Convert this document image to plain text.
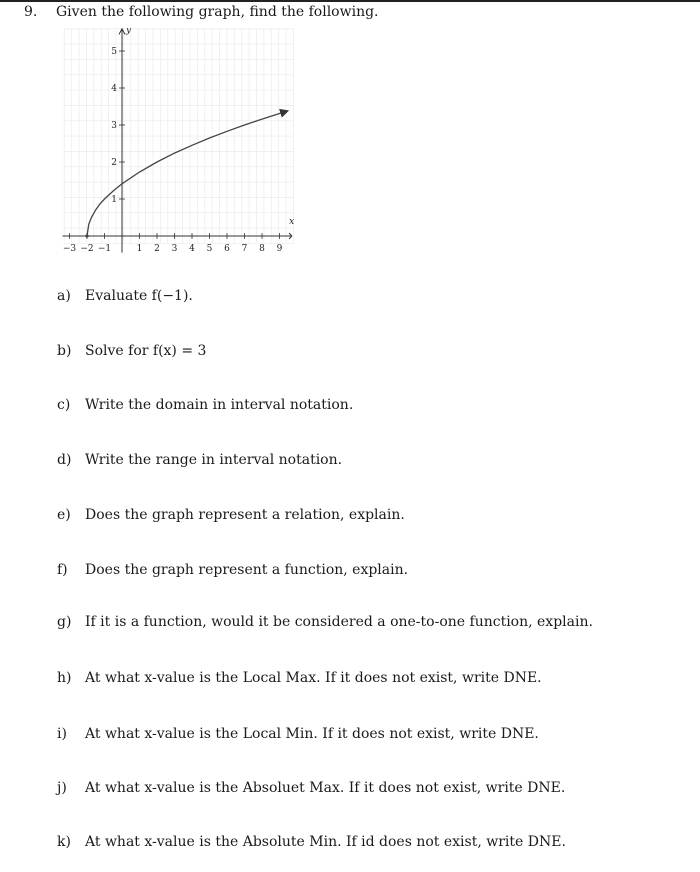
9. Given the following graph, find the following.
x
y
−3 −2 −1	1 2 3 4 5 6 7 8 9
1
2
3
4
5
a) Evaluate f(−1).
b) Solve for f(x) = 3
c) Write the domain in interval notation.
d) Write the range in interval notation.
e) Does the graph represent a relation, explain.
f) Does the graph represent a function, explain.
g) If it is a function, would it be considered a one-to-one function, explain.
h) At what x-value is the Local Max. If it does not exist, write DNE.
i) At what x-value is the Local Min. If it does not exist, write DNE.
j) At what x-value is the Absoluet Max. If it does not exist, write DNE.
k) At what x-value is the Absolute Min. If id does not exist, write DNE.
